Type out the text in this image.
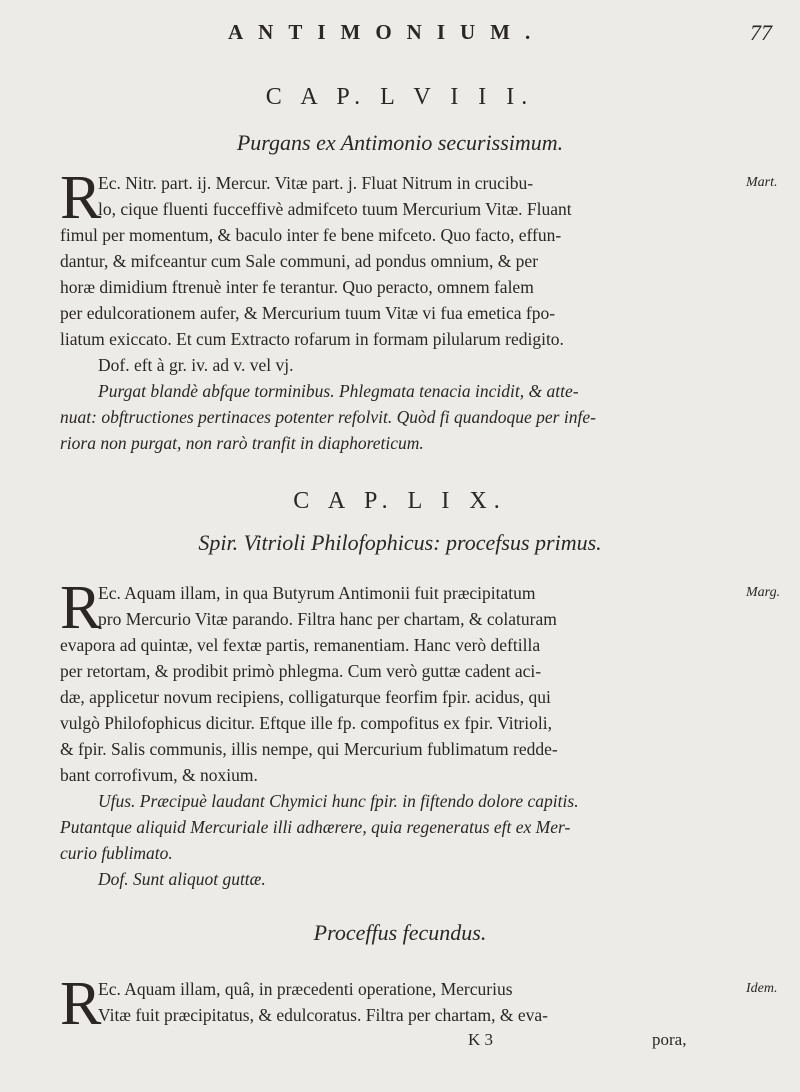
ANTIMONIUM.	77
C A P. L V I I I.
Purgans ex Antimonio securissimum.
R	Mart.
Ec. Nitr. part. ij. Mercur. Vitæ part. j. Fluat Nitrum in crucibu-
lo, cique fluenti fucceffivè admifceto tuum Mercurium Vitæ. Fluant
fimul per momentum, & baculo inter fe bene mifceto. Quo facto, effun-
dantur, & mifceantur cum Sale communi, ad pondus omnium, & per
horæ dimidium ftrenuè inter fe terantur. Quo peracto, omnem falem
per edulcorationem aufer, & Mercurium tuum Vitæ vi fua emetica fpo-
liatum exiccato. Et cum Extracto rofarum in formam pilularum redigito.
Dof. eft à gr. iv. ad v. vel vj.
Purgat blandè abfque torminibus. Phlegmata tenacia incidit, & atte-
nuat: obftructiones pertinaces potenter refolvit. Quòd fi quandoque per infe-
riora non purgat, non rarò tranfit in diaphoreticum.
C A P. L I X.
Spir. Vitrioli Philofophicus: procefsus primus.
R	Marg.
Ec. Aquam illam, in qua Butyrum Antimonii fuit præcipitatum
pro Mercurio Vitæ parando. Filtra hanc per chartam, & colaturam
evapora ad quintæ, vel fextæ partis, remanentiam. Hanc verò deftilla
per retortam, & prodibit primò phlegma. Cum verò guttæ cadent aci-
dæ, applicetur novum recipiens, colligaturque feorfim fpir. acidus, qui
vulgò Philofophicus dicitur. Eftque ille fp. compofitus ex fpir. Vitrioli,
& fpir. Salis communis, illis nempe, qui Mercurium fublimatum redde-
bant corrofivum, & noxium.
Ufus. Præcipuè laudant Chymici hunc fpir. in fiftendo dolore capitis.
Putantque aliquid Mercuriale illi adhærere, quia regeneratus eft ex Mer-
curio fublimato.
Dof. Sunt aliquot guttæ.
Proceffus fecundus.
R	Idem.
Ec. Aquam illam, quâ, in præcedenti operatione, Mercurius
Vitæ fuit præcipitatus, & edulcoratus. Filtra per chartam, & eva-
K 3	pora,
